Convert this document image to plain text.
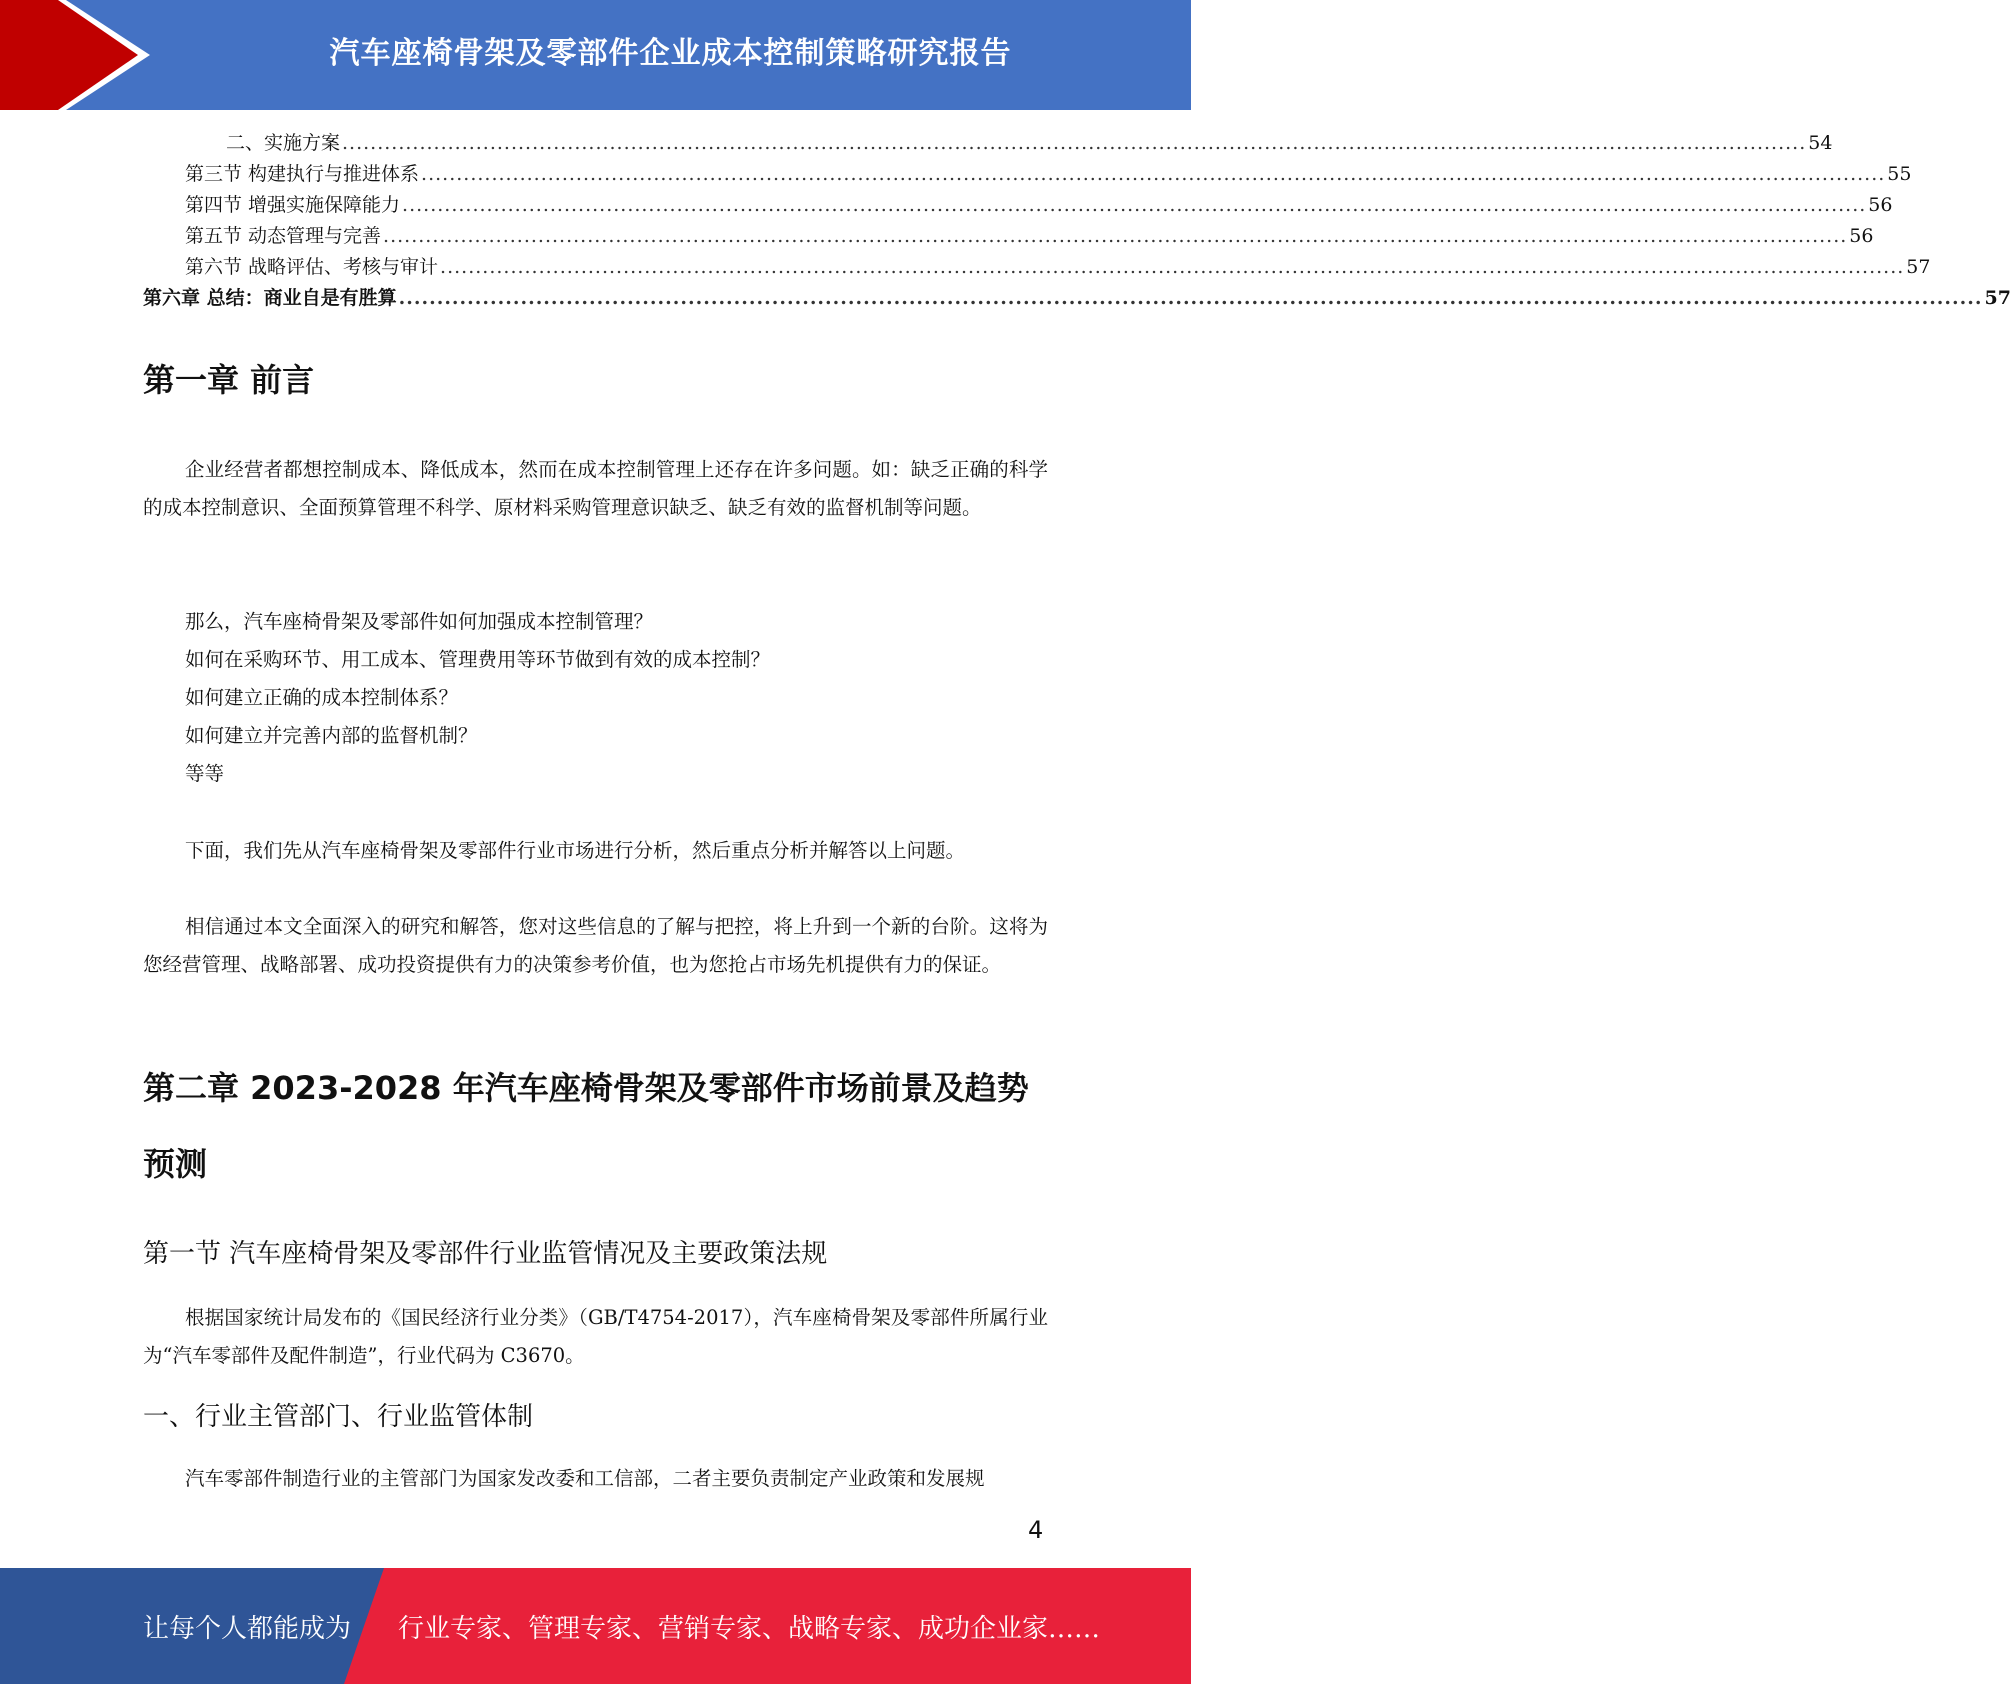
汽车座椅骨架及零部件企业成本控制策略研究报告
二、实施方案 ................................................................................................................................................................................................................ 54
第三节 构建执行与推进体系 ................................................................................................................................................................................................................ 55
第四节 增强实施保障能力 ................................................................................................................................................................................................................ 56
第五节 动态管理与完善 ................................................................................................................................................................................................................ 56
第六节 战略评估、考核与审计 ................................................................................................................................................................................................................ 57
第六章 总结：商业自是有胜算 ................................................................................................................................................................................................................ 57
第一章 前言

企业经营者都想控制成本、降低成本，然而在成本控制管理上还存在许多问题。如：缺乏正确的科学的成本控制意识、全面预算管理不科学、原材料采购管理意识缺乏、缺乏有效的监督机制等问题。

那么，汽车座椅骨架及零部件如何加强成本控制管理？

如何在采购环节、用工成本、管理费用等环节做到有效的成本控制？

如何建立正确的成本控制体系？

如何建立并完善内部的监督机制？

等等

下面，我们先从汽车座椅骨架及零部件行业市场进行分析，然后重点分析并解答以上问题。

相信通过本文全面深入的研究和解答，您对这些信息的了解与把控，将上升到一个新的台阶。这将为您经营管理、战略部署、成功投资提供有力的决策参考价值，也为您抢占市场先机提供有力的保证。

第二章 2023-2028 年汽车座椅骨架及零部件市场前景及趋势预测
第一节 汽车座椅骨架及零部件行业监管情况及主要政策法规

根据国家统计局发布的《国民经济行业分类》（GB/T4754-2017），汽车座椅骨架及零部件所属行业为“汽车零部件及配件制造”，行业代码为 C3670。

一、行业主管部门、行业监管体制

汽车零部件制造行业的主管部门为国家发改委和工信部，二者主要负责制定产业政策和发展规

4
让每个人都能成为 行业专家、管理专家、营销专家、战略专家、成功企业家……
